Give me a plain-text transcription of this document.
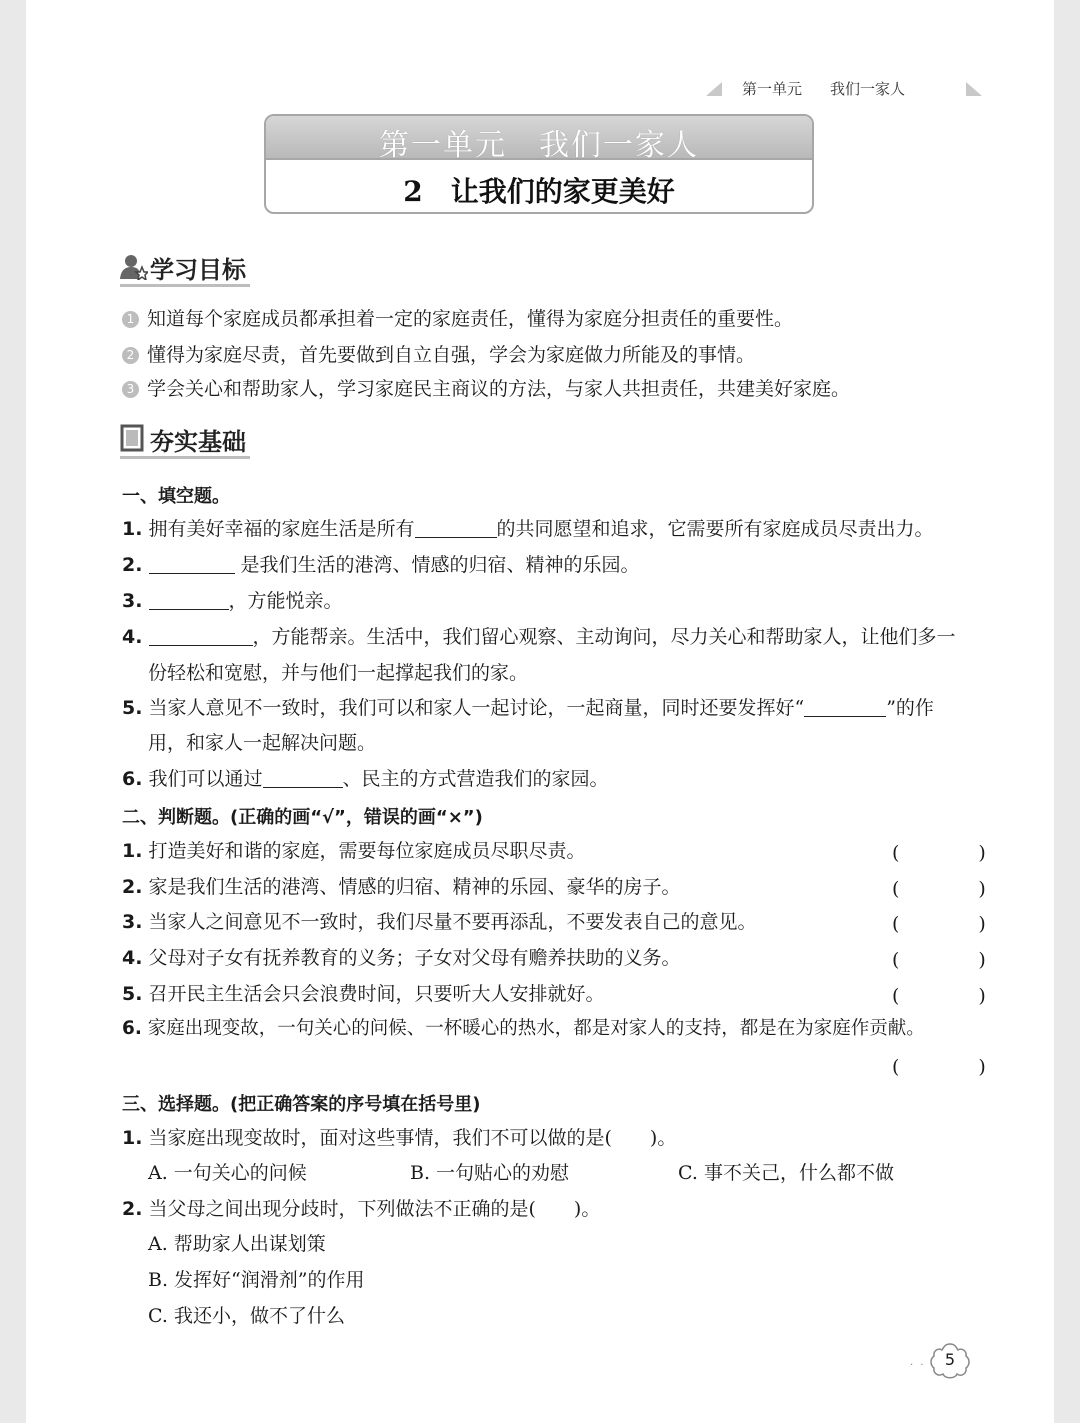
第一单元 我们一家人
第一单元　我们一家人
2　让我们的家更美好
学习目标
1 知道每个家庭成员都承担着一定的家庭责任，懂得为家庭分担责任的重要性。
2 懂得为家庭尽责，首先要做到自立自强，学会为家庭做力所能及的事情。
3 学会关心和帮助家人，学习家庭民主商议的方法，与家人共担责任，共建美好家庭。
夯实基础
一、填空题。
1. 拥有美好幸福的家庭生活是所有	的共同愿望和追求，它需要所有家庭成员尽责出力。
2.	是我们生活的港湾、情感的归宿、精神的乐园。
3.	，方能悦亲。
4.	，方能帮亲。生活中，我们留心观察、主动询问，尽力关心和帮助家人，让他们多一
份轻松和宽慰，并与他们一起撑起我们的家。
5. 当家人意见不一致时，我们可以和家人一起讨论，一起商量，同时还要发挥好“	”的作
用，和家人一起解决问题。
6. 我们可以通过	、民主的方式营造我们的家园。
二、判断题。(正确的画“√”，错误的画“×”)
1. 打造美好和谐的家庭，需要每位家庭成员尽职尽责。	(　)
2. 家是我们生活的港湾、情感的归宿、精神的乐园、豪华的房子。	(　)
3. 当家人之间意见不一致时，我们尽量不要再添乱，不要发表自己的意见。	(　)
4. 父母对子女有抚养教育的义务；子女对父母有赡养扶助的义务。	(　)
5. 召开民主生活会只会浪费时间，只要听大人安排就好。	(　)
6. 家庭出现变故，一句关心的问候、一杯暖心的热水，都是对家人的支持，都是在为家庭作贡献。
(　)
三、选择题。(把正确答案的序号填在括号里)
1. 当家庭出现变故时，面对这些事情，我们不可以做的是(　　)。
A. 一句关心的问候	B. 一句贴心的劝慰	C. 事不关己，什么都不做
2. 当父母之间出现分歧时，下列做法不正确的是(　　)。
A. 帮助家人出谋划策
B. 发挥好“润滑剂”的作用
C. 我还小，做不了什么
· ·	5
